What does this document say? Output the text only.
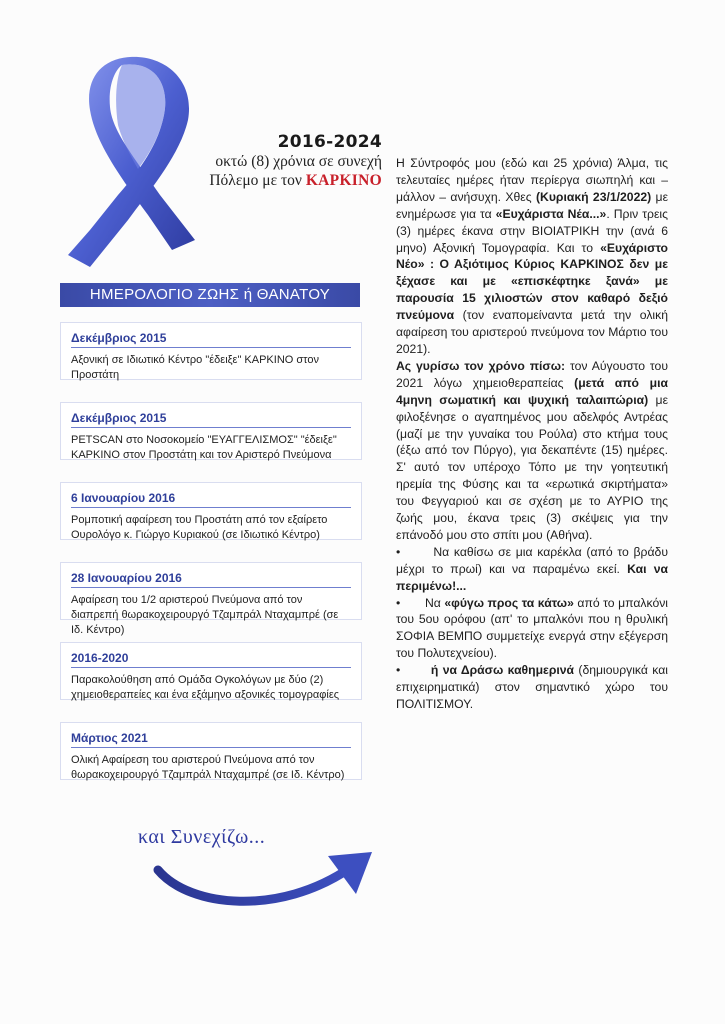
2016-2024
οκτώ (8) χρόνια σε συνεχή
Πόλεμο με τον ΚΑΡΚΙΝΟ
ΗΜΕΡΟΛΟΓΙΟ ΖΩΗΣ ή ΘΑΝΑΤΟΥ
Δεκέμβριος 2015
Αξονική σε Ιδιωτικό Κέντρο "έδειξε" ΚΑΡΚΙΝΟ στον Προστάτη
Δεκέμβριος 2015
PETSCAN στο Νοσοκομείο "ΕΥΑΓΓΕΛΙΣΜΟΣ" "έδειξε" ΚΑΡΚΙΝΟ στον Προστάτη και τον Αριστερό Πνεύμονα
6 Ιανουαρίου 2016
Ρομποτική αφαίρεση του Προστάτη από τον εξαίρετο Ουρολόγο κ. Γιώργο Κυριακού (σε Ιδιωτικό Κέντρο)
28 Ιανουαρίου 2016
Αφαίρεση του 1/2 αριστερού Πνεύμονα από τον διαπρεπή θωρακοχειρουργό Τζαμπράλ Νταχαμπρέ (σε Ιδ. Κέντρο)
2016-2020
Παρακολούθηση από Ομάδα Ογκολόγων με δύο (2) χημειοθεραπείες και ένα εξάμηνο αξονικές τομογραφίες
Μάρτιος 2021
Ολική Αφαίρεση του αριστερού Πνεύμονα από τον θωρακοχειρουργό Τζαμπράλ Νταχαμπρέ (σε Ιδ. Κέντρο)
και Συνεχίζω...

Η Σύντροφός μου (εδώ και 25 χρόνια) Άλμα, τις τελευταίες ημέρες ήταν περίεργα σιωπηλή και – μάλλον – ανήσυχη. Χθες (Κυριακή 23/1/2022) με ενημέρωσε για τα «Ευχάριστα Νέα...». Πριν τρεις (3) ημέρες έκανα στην ΒΙΟΙΑΤΡΙΚΗ την (ανά 6 μηνο) Αξονική Τομογραφία. Και το «Ευχάριστο Νέο» : Ο Αξιότιμος Κύριος ΚΑΡΚΙΝΟΣ δεν με ξέχασε και με «επισκέφτηκε ξανά» με παρουσία 15 χιλιοστών στον καθαρό δεξιό πνεύμονα (τον εναπομείναντα μετά την ολική αφαίρεση του αριστερού πνεύμονα τον Μάρτιο του 2021).

Ας γυρίσω τον χρόνο πίσω: τον Αύγουστο του 2021 λόγω χημειοθεραπείας (μετά από μια 4μηνη σωματική και ψυχική ταλαιπώρια) με φιλοξένησε ο αγαπημένος μου αδελφός Αντρέας (μαζί με την γυναίκα του Ρούλα) στο κτήμα τους (έξω από τον Πύργο), για δεκαπέντε (15) ημέρες. Σ' αυτό τον υπέροχο Τόπο με την γοητευτική ηρεμία της Φύσης και τα «ερωτικά σκιρτήματα» του Φεγγαριού και σε σχέση με το ΑΥΡΙΟ της ζωής μου, έκανα τρεις (3) σκέψεις για την επάνοδό μου στο σπίτι μου (Αθήνα).

•	Να καθίσω σε μια καρέκλα (από το βράδυ μέχρι το πρωί) και να παραμένω εκεί. Και να περιμένω!...

• Να «φύγω προς τα κάτω» από το μπαλκόνι του 5ου ορόφου (απ' το μπαλκόνι που η θρυλική ΣΟΦΙΑ ΒΕΜΠΟ συμμετείχε ενεργά στην εξέγερση του Πολυτεχνείου).

•	ή να Δράσω καθημερινά (δημιουργικά και επιχειρηματικά) στον σημαντικό χώρο του ΠΟΛΙΤΙΣΜΟΥ.
